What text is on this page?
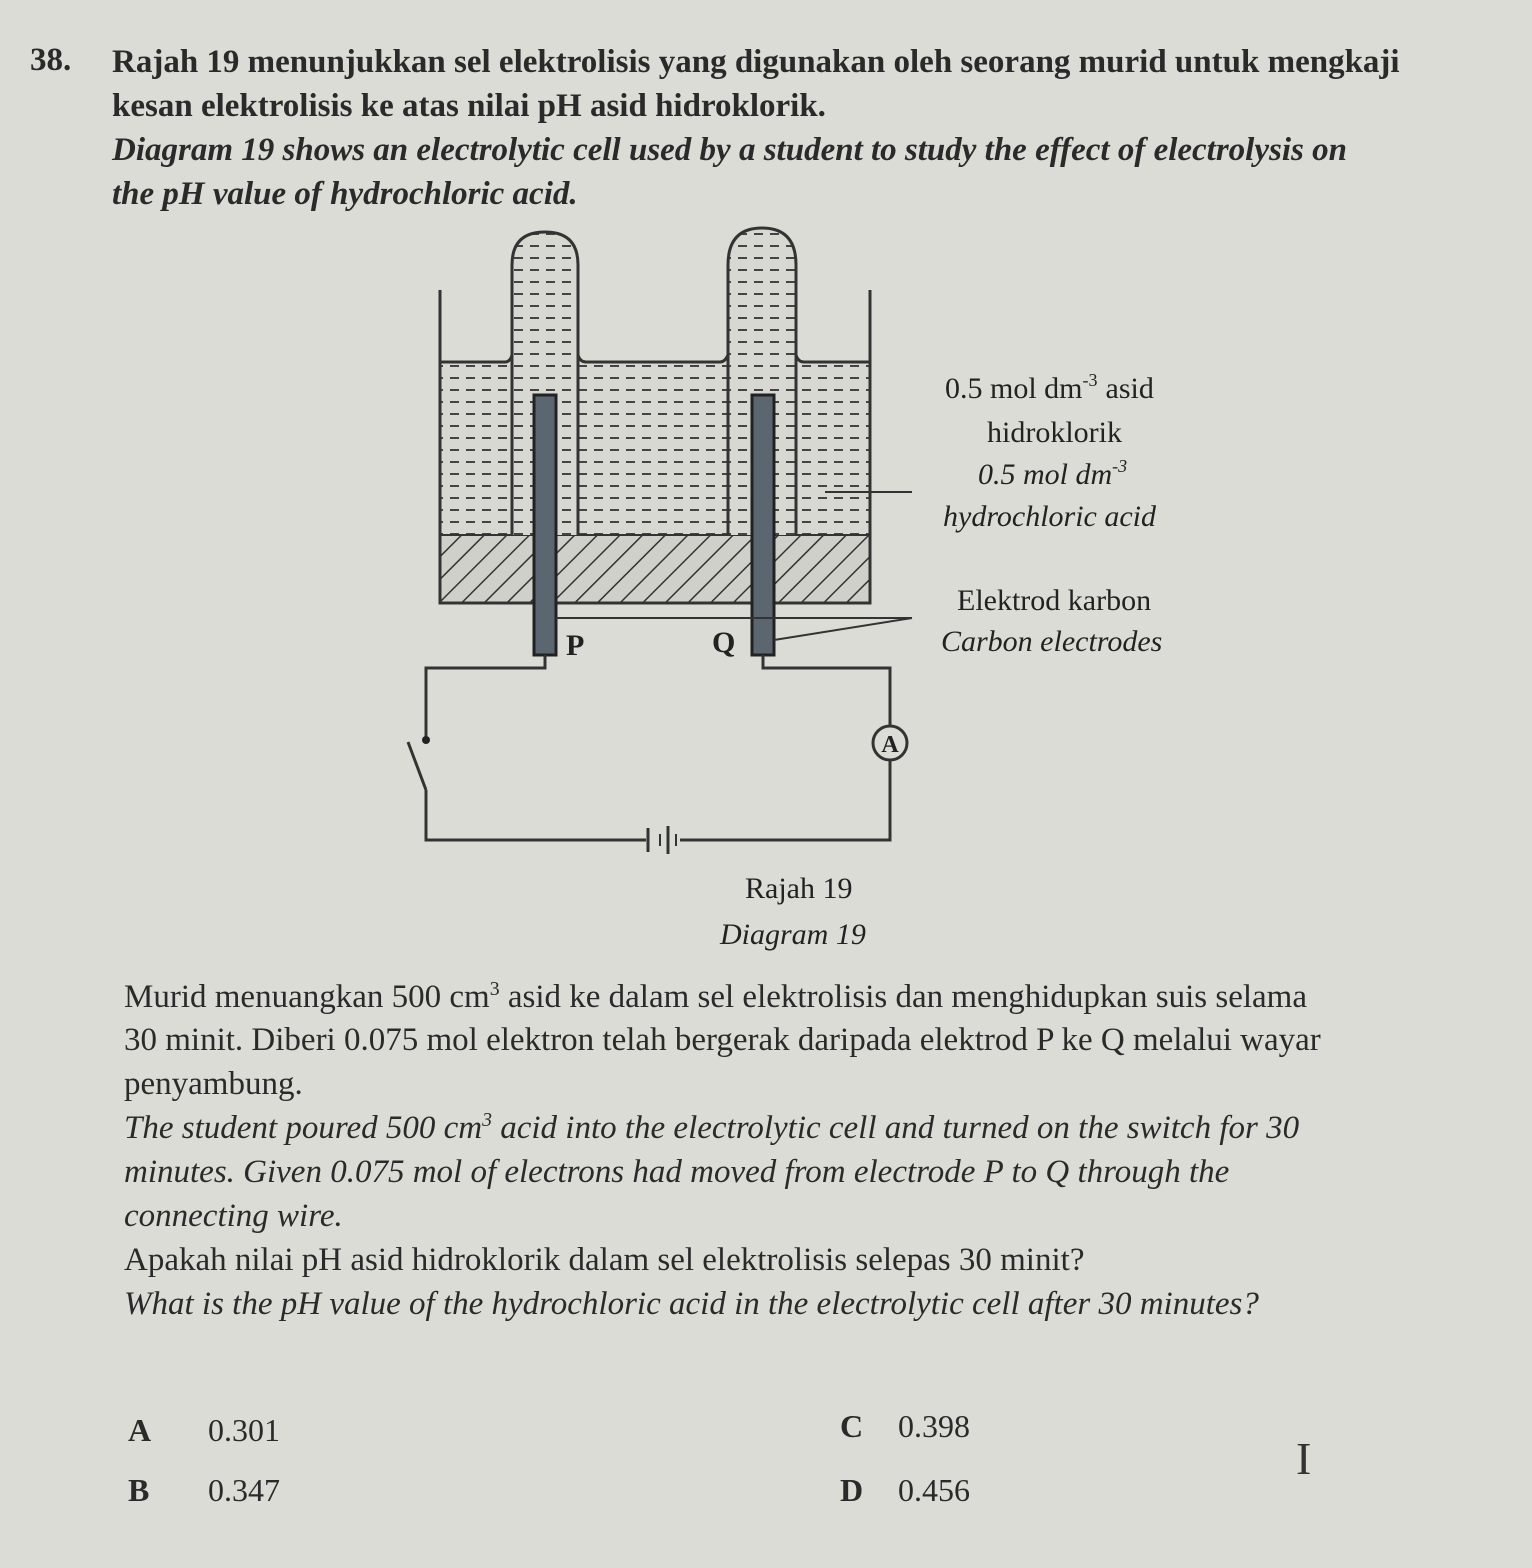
38. Rajah 19 menunjukkan sel elektrolisis yang digunakan oleh seorang murid untuk mengkaji
kesan elektrolisis ke atas nilai pH asid hidroklorik.
Diagram 19 shows an electrolytic cell used by a student to study the effect of electrolysis on
the pH value of hydrochloric acid.
A
P	Q
0.5 mol $dm^{-3}$ asid
hidroklorik
0.5 mol $dm^{-3}$
hydrochloric acid
Elektrod karbon
Carbon electrodes
Rajah 19
Diagram 19
Murid menuangkan 500 $cm^3$ asid ke dalam sel elektrolisis dan menghidupkan suis selama
30 minit. Diberi 0.075 mol elektron telah bergerak daripada elektrod P ke Q melalui wayar
penyambung.
The student poured 500 $cm^3$ acid into the electrolytic cell and turned on the switch for 30
minutes. Given 0.075 mol of electrons had moved from electrode P to Q through the
connecting wire.
Apakah nilai pH asid hidroklorik dalam sel elektrolisis selepas 30 minit?
What is the pH value of the hydrochloric acid in the electrolytic cell after 30 minutes?
A 0.301
B 0.347
C 0.398
D 0.456
I
